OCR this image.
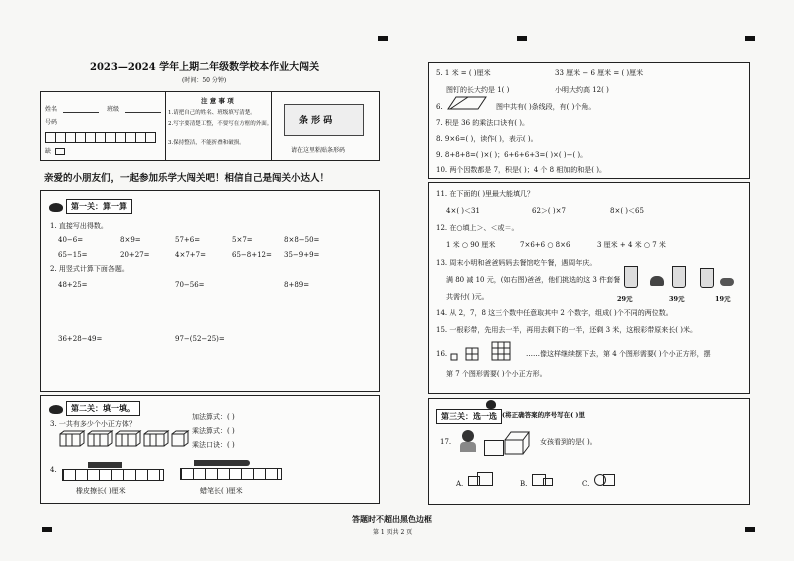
2023—2024 学年上期二年级数学校本作业大闯关
(时间：50 分钟)
姓名	班级
号码
缺
注 意 事 项
1.请把自己的姓名、班级填写清楚。
2.写字要清楚工整，不要写在方框的外面。
3.保持整洁，不能折叠和破损。
条 形 码
请在这里粘贴条形码
亲爱的小朋友们，一起参加乐学大闯关吧！相信自己是闯关小达人！
第一关：算一算
1. 直接写出得数。
40−6=	8×9=	57+6=	5×7=	8×8−50=
65−15=	20+27=	4×7+7=	65−8+12= 35−9+9=
2. 用竖式计算下面各题。
48+25=	70−56=	8+89=
36+28−49=	97−(52−25)=
第二关：填一填。
3. 一共有多少个小正方体？
加法算式：( )
乘法算式：( )
乘法口诀：( )
4.
橡皮擦长( )厘米	蜡笔长( )厘米
5. 1 米 = ( )厘米	33 厘米 − 6 厘米 = ( )厘米
图钉的长大约是 1( )	小明大约高 12( )
6.	图中共有( )条线段，有( )个角。
7. 积是 36 的乘法口诀有( )。
8. 9×6=( )，读作( )，表示( )。
9. 8+8+8=( )×( )；6+6+6+3=( )×( )−( )。
10. 两个因数都是 7，积是( )；4 个 8 相加的和是( )。
11. 在下面的( )里最大能填几？
4×( )＜31	62＞( )×7	8×( )＜65
12. 在○填上＞、＜或＝。
1 米 ○ 90 厘米	7×6+6 ○ 8×6	3 厘米 + 4 米 ○ 7 米
13. 周末小明和爸爸妈妈去餐馆吃午餐，遇周年庆。
满 80 减 10 元，(如右图)爸爸，他们挑选的这 3 件套餐
共需付( )元。	29元	39元	19元
14. 从 2，7，8 这三个数中任意取其中 2 个数字，组成( )个不同的两位数。
15. 一根彩带，先用去一半，再用去剩下的一半，还剩 3 米，这根彩带原来长( )米。
16.	……像这样继续摆下去，第 4 个图形需要( )个小正方形，摆
第 7 个图形需要( )个小正方形。
第三关：选一选 (将正确答案的序号写在( )里
17.	女孩看到的是( )。
A.	B.	C.
答题时不超出黑色边框
第 1 页共 2 页
